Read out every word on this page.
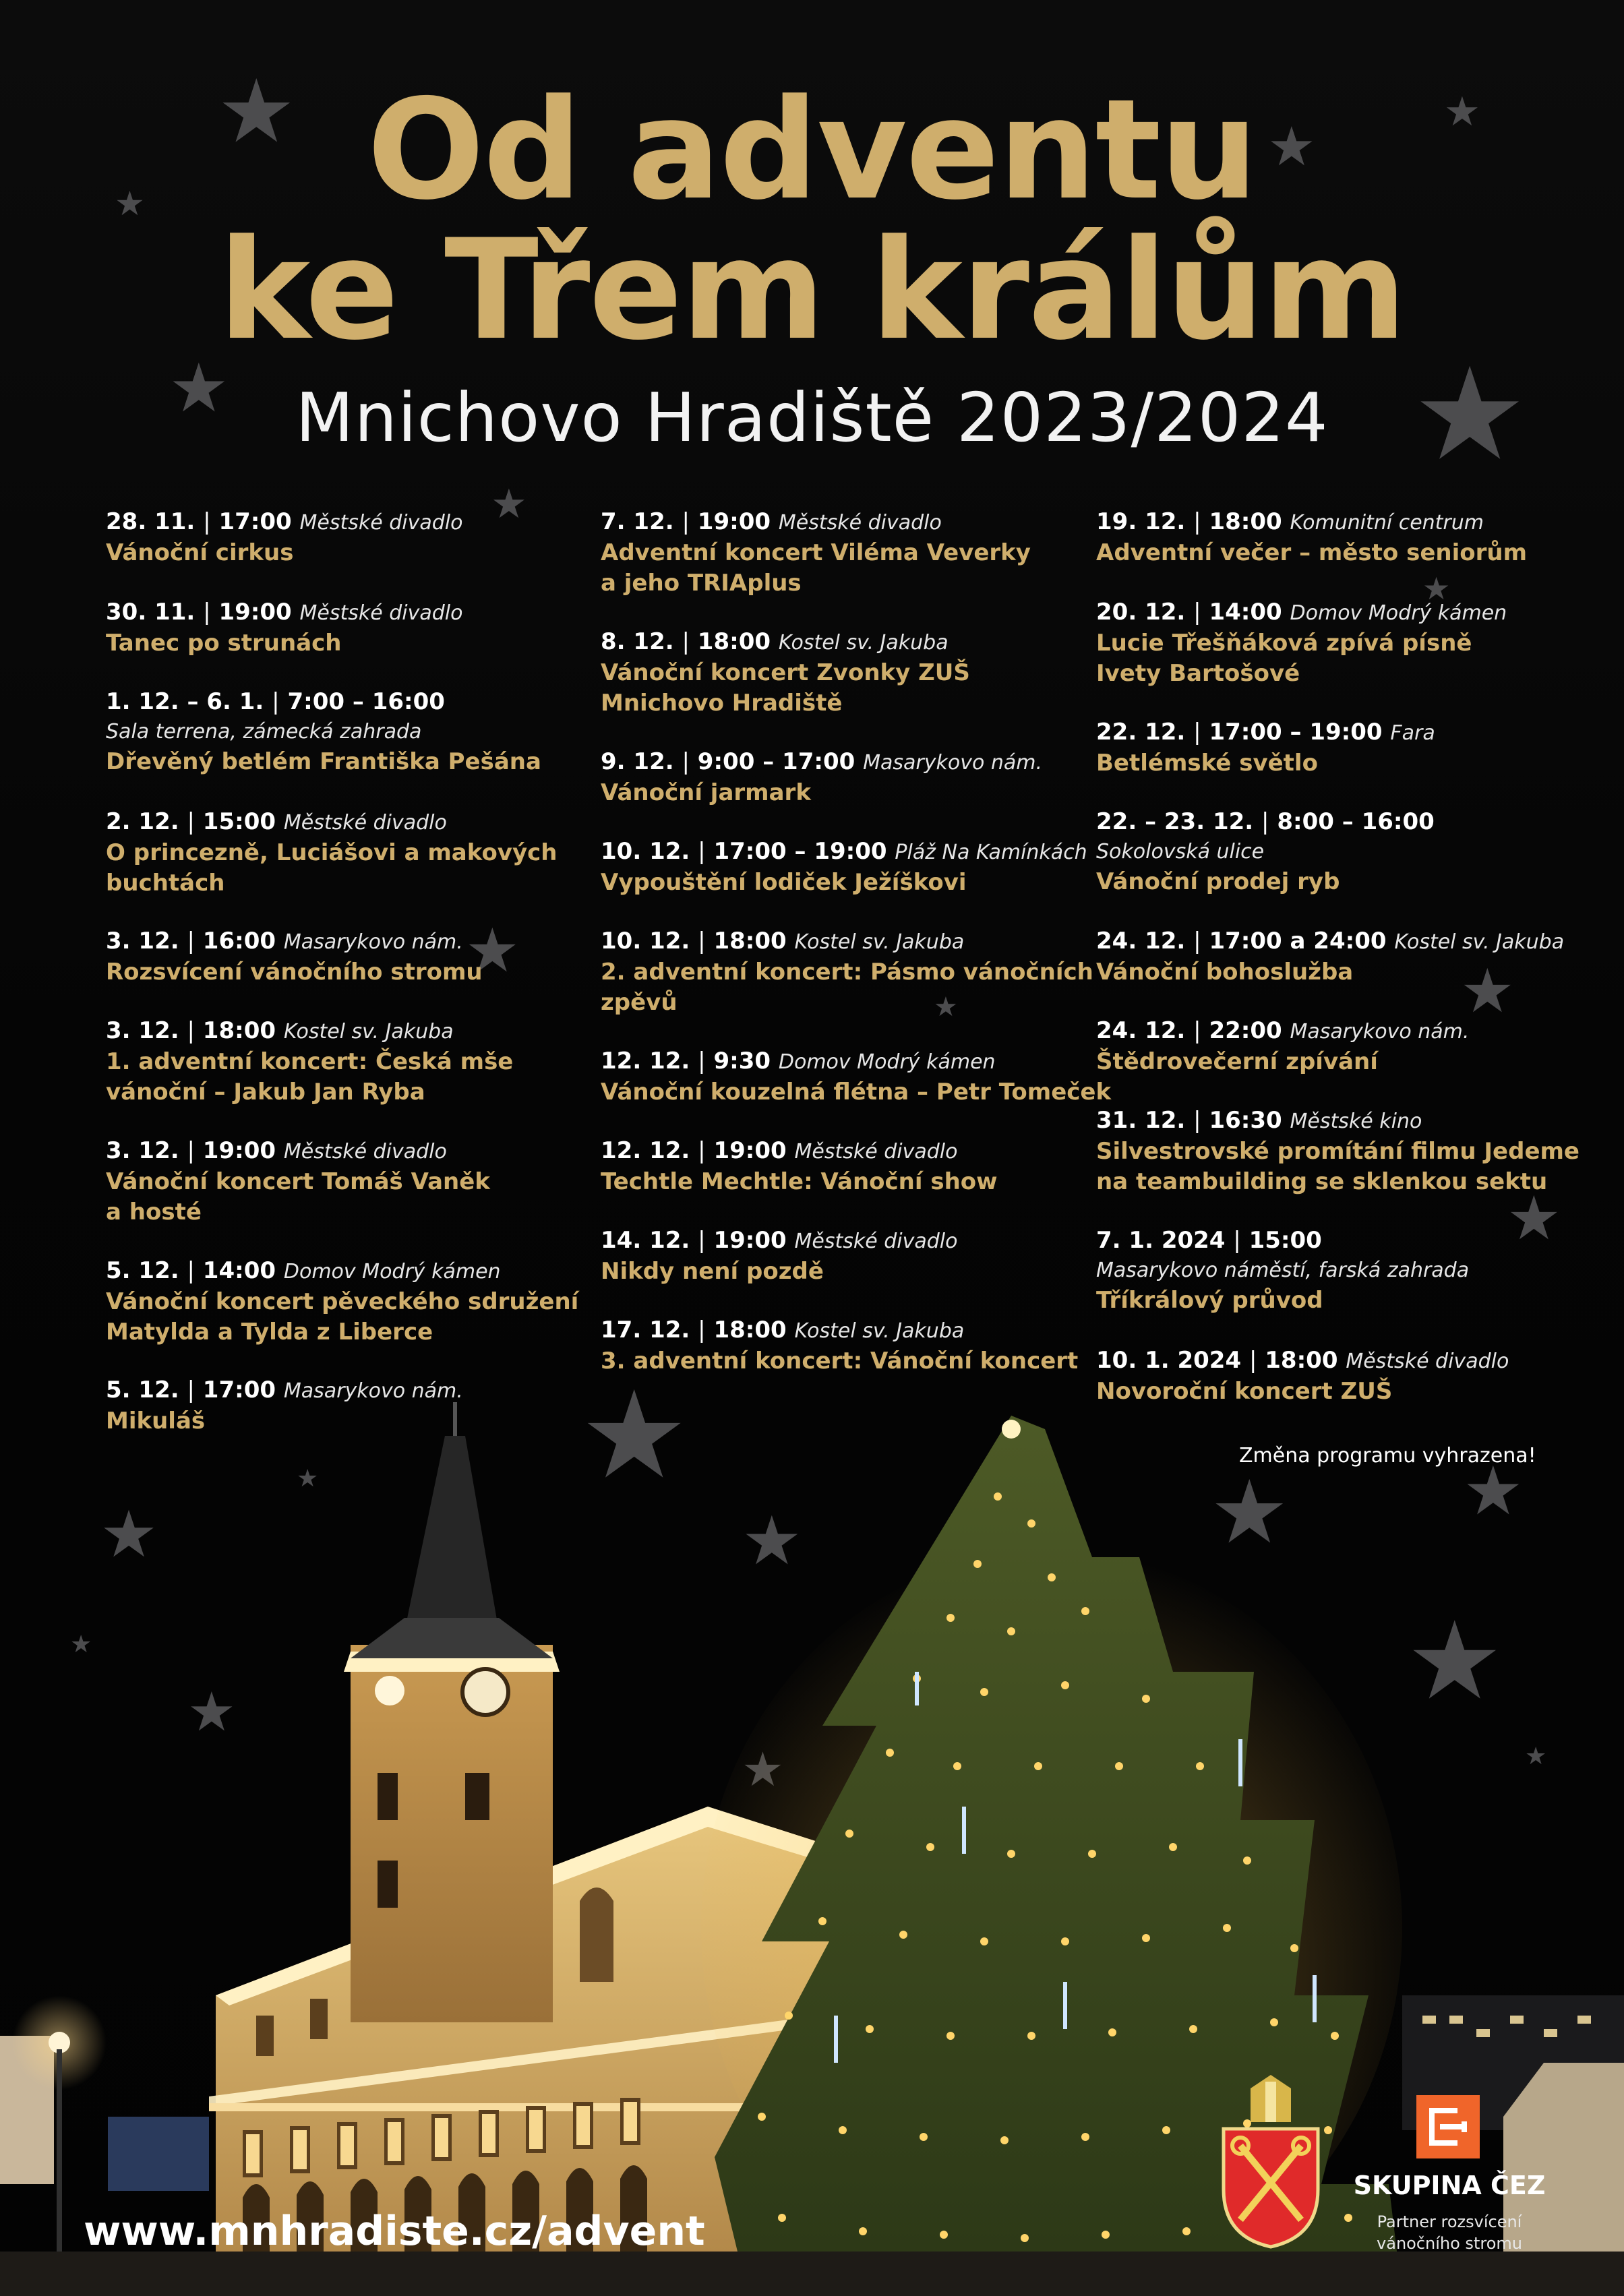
★
★
★
★
★
★
★
★
★
★	★
★
★
★	★	★
★
★
★
★
★
★
Od adventu
ke Třem králům
Mnichovo Hradiště 2023/2024
28. 11. | 17:00 Městské divadlo
Vánoční cirkus
30. 11. | 19:00 Městské divadlo
Tanec po strunách
1. 12. – 6. 1. | 7:00 – 16:00
Sala terrena, zámecká zahrada
Dřevěný betlém Františka Pešána
2. 12. | 15:00 Městské divadlo
O princezně, Luciášovi a makových
buchtách
3. 12. | 16:00 Masarykovo nám.
Rozsvícení vánočního stromu
3. 12. | 18:00 Kostel sv. Jakuba
1. adventní koncert: Česká mše
vánoční – Jakub Jan Ryba
3. 12. | 19:00 Městské divadlo
Vánoční koncert Tomáš Vaněk
a hosté
5. 12. | 14:00 Domov Modrý kámen
Vánoční koncert pěveckého sdružení
Matylda a Tylda z Liberce
5. 12. | 17:00 Masarykovo nám.
Mikuláš
7. 12. | 19:00 Městské divadlo
Adventní koncert Viléma Veverky
a jeho TRIAplus
8. 12. | 18:00 Kostel sv. Jakuba
Vánoční koncert Zvonky ZUŠ
Mnichovo Hradiště
9. 12. | 9:00 – 17:00 Masarykovo nám.
Vánoční jarmark
10. 12. | 17:00 – 19:00 Pláž Na Kamínkách
Vypouštění lodiček Ježíškovi
10. 12. | 18:00 Kostel sv. Jakuba
2. adventní koncert: Pásmo vánočních
zpěvů
12. 12. | 9:30 Domov Modrý kámen
Vánoční kouzelná flétna – Petr Tomeček
12. 12. | 19:00 Městské divadlo
Techtle Mechtle: Vánoční show
14. 12. | 19:00 Městské divadlo
Nikdy není pozdě
17. 12. | 18:00 Kostel sv. Jakuba
3. adventní koncert: Vánoční koncert
19. 12. | 18:00 Komunitní centrum
Adventní večer – město seniorům
20. 12. | 14:00 Domov Modrý kámen
Lucie Třešňáková zpívá písně
Ivety Bartošové
22. 12. | 17:00 – 19:00 Fara
Betlémské světlo
22. – 23. 12. | 8:00 – 16:00
Sokolovská ulice
Vánoční prodej ryb
24. 12. | 17:00 a 24:00 Kostel sv. Jakuba
Vánoční bohoslužba
24. 12. | 22:00 Masarykovo nám.
Štědrovečerní zpívání
31. 12. | 16:30 Městské kino
Silvestrovské promítání filmu Jedeme
na teambuilding se sklenkou sektu
7. 1. 2024 | 15:00
Masarykovo náměstí, farská zahrada
Tříkrálový průvod
10. 1. 2024 | 18:00 Městské divadlo
Novoroční koncert ZUŠ
Změna programu vyhrazena!
www.mnhradiste.cz/advent
SKUPINA ČEZ
Partner rozsvícení
vánočního stromu
